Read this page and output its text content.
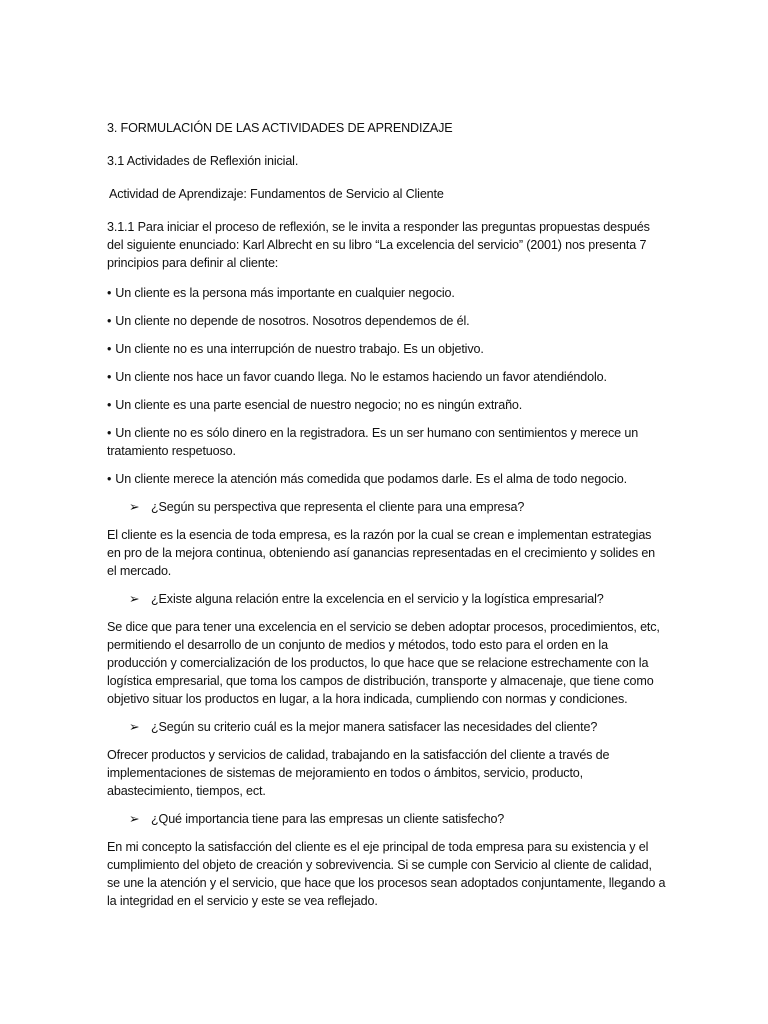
3. FORMULACIÓN DE LAS ACTIVIDADES DE APRENDIZAJE

3.1 Actividades de Reflexión inicial.

Actividad de Aprendizaje: Fundamentos de Servicio al Cliente

3.1.1 Para iniciar el proceso de reflexión, se le invita a responder las preguntas propuestas después del siguiente enunciado: Karl Albrecht en su libro “La excelencia del servicio” (2001) nos presenta 7 principios para definir al cliente:

• Un cliente es la persona más importante en cualquier negocio.

• Un cliente no depende de nosotros. Nosotros dependemos de él.

• Un cliente no es una interrupción de nuestro trabajo. Es un objetivo.

• Un cliente nos hace un favor cuando llega. No le estamos haciendo un favor atendiéndolo.

• Un cliente es una parte esencial de nuestro negocio; no es ningún extraño.

• Un cliente no es sólo dinero en la registradora. Es un ser humano con sentimientos y merece un tratamiento respetuoso.

• Un cliente merece la atención más comedida que podamos darle. Es el alma de todo negocio.

➢ ¿Según su perspectiva que representa el cliente para una empresa?

El cliente es la esencia de toda empresa, es la razón por la cual se crean e implementan estrategias en pro de la mejora continua, obteniendo así ganancias representadas en el crecimiento y solides en el mercado.

➢ ¿Existe alguna relación entre la excelencia en el servicio y la logística empresarial?

Se dice que para tener una excelencia en el servicio se deben adoptar procesos, procedimientos, etc, permitiendo el desarrollo de un conjunto de medios y métodos, todo esto para el orden en la producción y comercialización de los productos, lo que hace que se relacione estrechamente con la logística empresarial, que toma los campos de distribución, transporte y almacenaje, que tiene como objetivo situar los productos en lugar, a la hora indicada, cumpliendo con normas y condiciones.

➢ ¿Según su criterio cuál es la mejor manera satisfacer las necesidades del cliente?

Ofrecer productos y servicios de calidad, trabajando en la satisfacción del cliente a través de implementaciones de sistemas de mejoramiento en todos o ámbitos, servicio, producto, abastecimiento, tiempos, ect.

➢ ¿Qué importancia tiene para las empresas un cliente satisfecho?

En mi concepto la satisfacción del cliente es el eje principal de toda empresa para su existencia y el cumplimiento del objeto de creación y sobrevivencia. Si se cumple con Servicio al cliente de calidad, se une la atención y el servicio, que hace que los procesos sean adoptados conjuntamente, llegando a la integridad en el servicio y este se vea reflejado.
